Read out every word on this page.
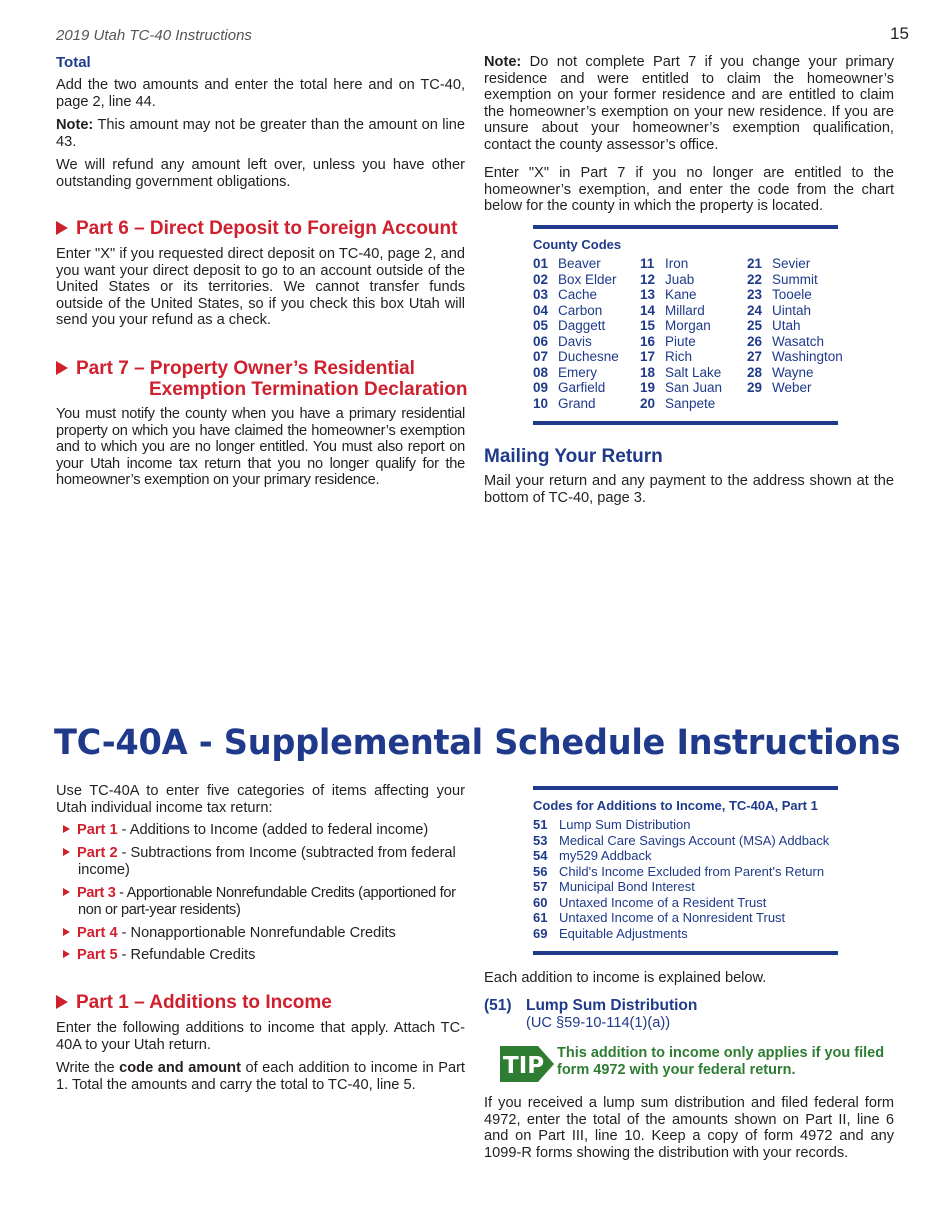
2019 Utah TC-40 Instructions	15
Total

Add the two amounts and enter the total here and on TC-40, page 2, line 44.

Note: This amount may not be greater than the amount on line 43.

We will refund any amount left over, unless you have other outstanding government obligations.

Part 6 – Direct Deposit to Foreign Account

Enter "X" if you requested direct deposit on TC-40, page 2, and you want your direct deposit to go to an account outside of the United States or its territories. We cannot transfer funds outside of the United States, so if you check this box Utah will send you your refund as a check.

Part 7 – Property Owner’s Residential
Exemption Termination Declaration

You must notify the county when you have a primary residential property on which you have claimed the homeowner’s exemption and to which you are no longer entitled. You must also report on your Utah income tax return that you no longer qualify for the homeowner’s exemption on your primary residence.

Note: Do not complete Part 7 if you change your primary residence and were entitled to claim the homeowner’s exemption on your former residence and are entitled to claim the homeowner’s exemption on your new residence. If you are unsure about your homeowner’s exemption qualification, contact the county assessor’s office.

Enter "X" in Part 7 if you no longer are entitled to the homeowner’s exemption, and enter the code from the chart below for the county in which the property is located.

County Codes
01 Beaver
02 Box Elder
03 Cache
04 Carbon
05 Daggett
06 Davis
07 Duchesne
08 Emery
09 Garfield
10 Grand
11 Iron
12 Juab
13 Kane
14 Millard
15 Morgan
16 Piute
17 Rich
18 Salt Lake
19 San Juan
20 Sanpete
21 Sevier
22 Summit
23 Tooele
24 Uintah
25 Utah
26 Wasatch
27 Washington
28 Wayne
29 Weber
Mailing Your Return

Mail your return and any payment to the address shown at the bottom of TC-40, page 3.

TC-40A - Supplemental Schedule Instructions

Use TC-40A to enter five categories of items affecting your Utah individual income tax return:

Part 1 - Additions to Income (added to federal income)
Part 2 - Subtractions from Income (subtracted from federal income)
Part 3 - Apportionable Nonrefundable Credits (apportioned for non or part-year residents)
Part 4 - Nonapportionable Nonrefundable Credits
Part 5 - Refundable Credits
Part 1 – Additions to Income

Enter the following additions to income that apply. Attach TC-40A to your Utah return.

Write the code and amount of each addition to income in Part 1. Total the amounts and carry the total to TC-40, line 5.

Codes for Additions to Income, TC-40A, Part 1
51 Lump Sum Distribution
53 Medical Care Savings Account (MSA) Addback
54 my529 Addback
56 Child's Income Excluded from Parent's Return
57 Municipal Bond Interest
60 Untaxed Income of a Resident Trust
61 Untaxed Income of a Nonresident Trust
69 Equitable Adjustments

Each addition to income is explained below.

(51) Lump Sum Distribution
(UC §59-10-114(1)(a))
TIP This addition to income only applies if you filed form 4972 with your federal return.

If you received a lump sum distribution and filed federal form 4972, enter the total of the amounts shown on Part II, line 6 and on Part III, line 10. Keep a copy of form 4972 and any 1099-R forms showing the distribution with your records.
